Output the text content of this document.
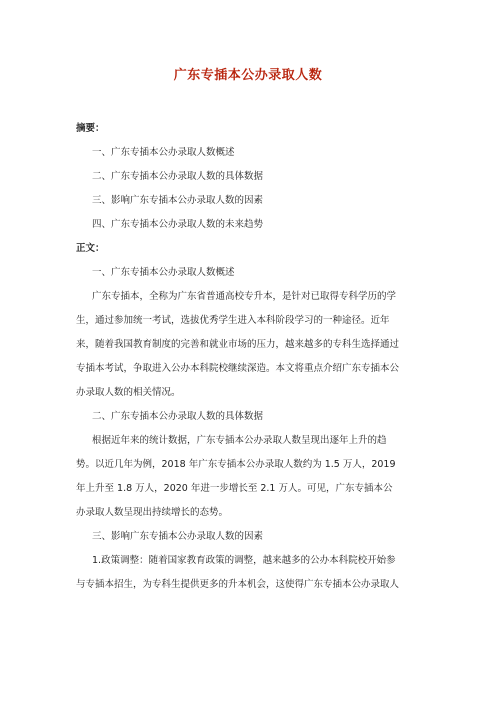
广东专插本公办录取人数
摘要：
一、广东专插本公办录取人数概述
二、广东专插本公办录取人数的具体数据
三、影响广东专插本公办录取人数的因素
四、广东专插本公办录取人数的未来趋势
正文：
一、广东专插本公办录取人数概述
广东专插本，全称为广东省普通高校专升本，是针对已取得专科学历的学
生，通过参加统一考试，选拔优秀学生进入本科阶段学习的一种途径。近年
来，随着我国教育制度的完善和就业市场的压力，越来越多的专科生选择通过
专插本考试，争取进入公办本科院校继续深造。本文将重点介绍广东专插本公
办录取人数的相关情况。
二、广东专插本公办录取人数的具体数据
根据近年来的统计数据，广东专插本公办录取人数呈现出逐年上升的趋
势。以近几年为例，2018 年广东专插本公办录取人数约为 1.5 万人，2019
年上升至 1.8 万人，2020 年进一步增长至 2.1 万人。可见，广东专插本公
办录取人数呈现出持续增长的态势。
三、影响广东专插本公办录取人数的因素
1.政策调整：随着国家教育政策的调整，越来越多的公办本科院校开始参
与专插本招生，为专科生提供更多的升本机会，这使得广东专插本公办录取人
